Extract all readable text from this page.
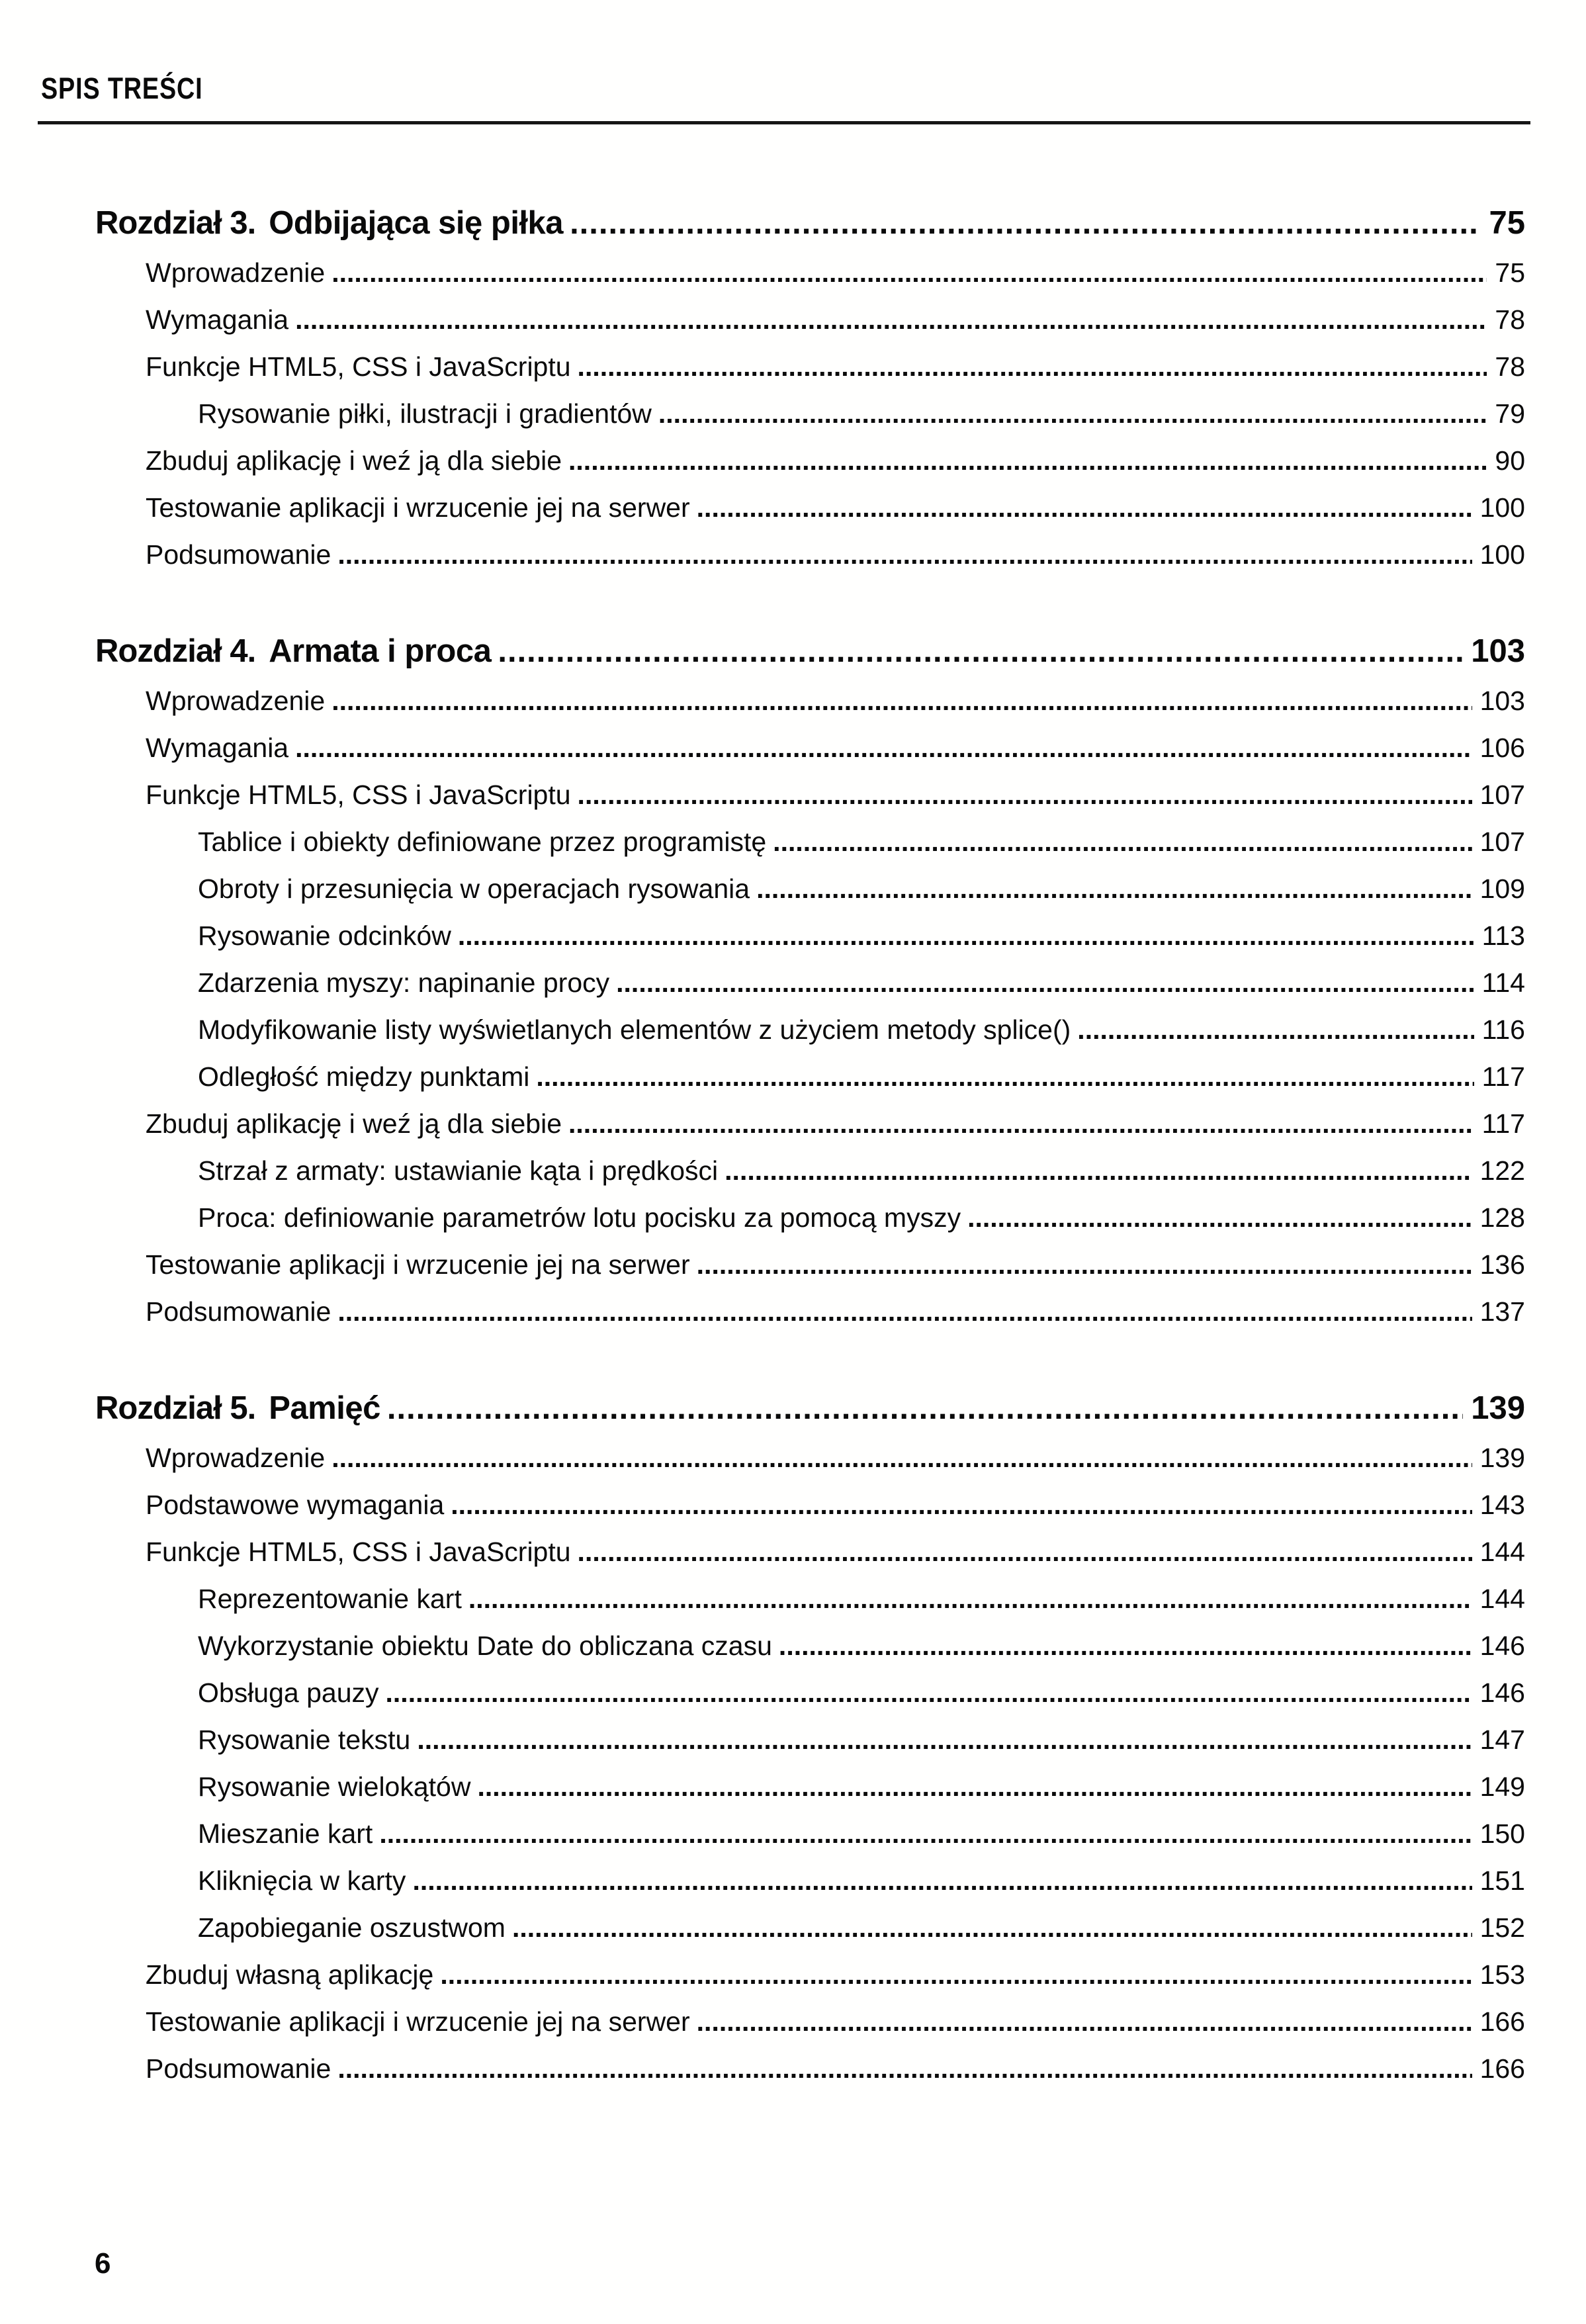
SPIS TREŚCI
Rozdział 3. Odbijająca się piłka .....	75
Wprowadzenie .....	75
Wymagania .....	78
Funkcje HTML5, CSS i JavaScriptu .....	78
Rysowanie piłki, ilustracji i gradientów .....	79
Zbuduj aplikację i weź ją dla siebie .....	90
Testowanie aplikacji i wrzucenie jej na serwer .....	100
Podsumowanie .....	100
Rozdział 4. Armata i proca .....	103
Wprowadzenie .....	103
Wymagania .....	106
Funkcje HTML5, CSS i JavaScriptu .....	107
Tablice i obiekty definiowane przez programistę .....	107
Obroty i przesunięcia w operacjach rysowania .....	109
Rysowanie odcinków .....	113
Zdarzenia myszy: napinanie procy .....	114
Modyfikowanie listy wyświetlanych elementów z użyciem metody splice() .....	116
Odległość między punktami .....	117
Zbuduj aplikację i weź ją dla siebie .....	117
Strzał z armaty: ustawianie kąta i prędkości .....	122
Proca: definiowanie parametrów lotu pocisku za pomocą myszy .....	128
Testowanie aplikacji i wrzucenie jej na serwer .....	136
Podsumowanie .....	137
Rozdział 5. Pamięć .....	139
Wprowadzenie .....	139
Podstawowe wymagania .....	143
Funkcje HTML5, CSS i JavaScriptu .....	144
Reprezentowanie kart .....	144
Wykorzystanie obiektu Date do obliczana czasu .....	146
Obsługa pauzy .....	146
Rysowanie tekstu .....	147
Rysowanie wielokątów .....	149
Mieszanie kart .....	150
Kliknięcia w karty .....	151
Zapobieganie oszustwom .....	152
Zbuduj własną aplikację .....	153
Testowanie aplikacji i wrzucenie jej na serwer .....	166
Podsumowanie .....	166
6
